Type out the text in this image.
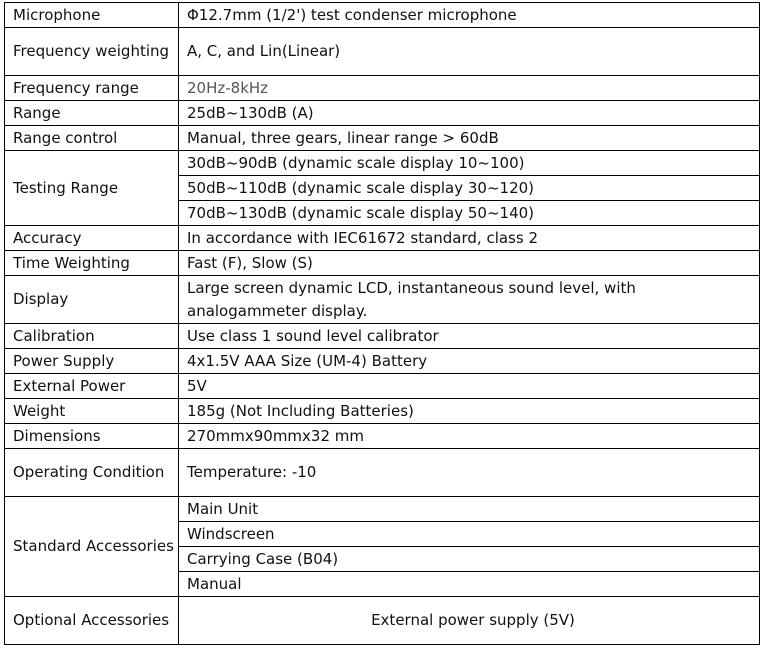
Microphone	Φ12.7mm (1/2') test condenser microphone
Frequency weighting	A, C, and Lin(Linear)
Frequency range	20Hz-8kHz
Range	25dB~130dB (A)
Range control	Manual, three gears, linear range > 60dB
Testing Range	30dB~90dB (dynamic scale display 10~100)
	50dB~110dB (dynamic scale display 30~120)
	70dB~130dB (dynamic scale display 50~140)
Accuracy	In accordance with IEC61672 standard, class 2
Time Weighting	Fast (F), Slow (S)
Display	Large screen dynamic LCD, instantaneous sound level, with analogammeter display.
Calibration	Use class 1 sound level calibrator
Power Supply	4x1.5V AAA Size (UM-4) Battery
External Power	5V
Weight	185g (Not Including Batteries)
Dimensions	270mmx90mmx32 mm
Operating Condition	Temperature: -10
Standard Accessories	Main Unit
	Windscreen
	Carrying Case (B04)
	Manual
Optional Accessories	External power supply (5V)
